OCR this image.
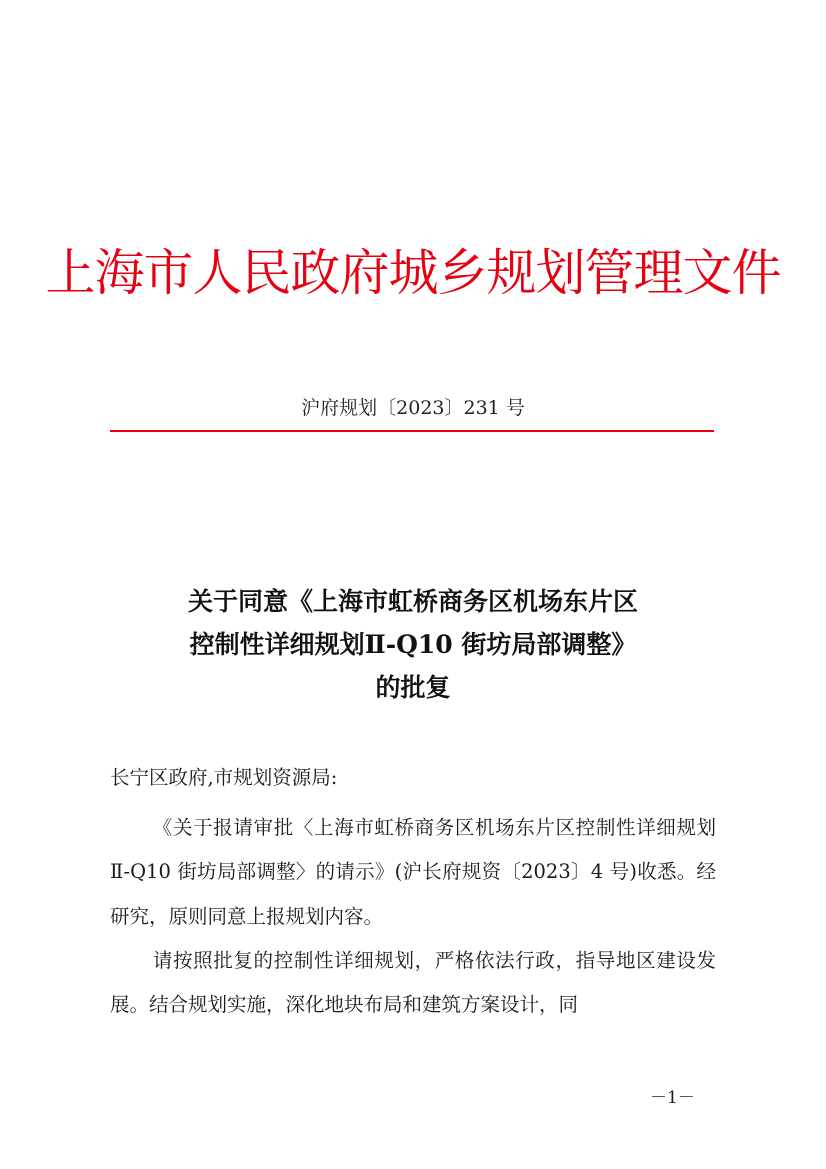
上海市人民政府城乡规划管理文件
沪府规划〔2023〕231 号
关于同意《上海市虹桥商务区机场东片区
控制性详细规划Ⅱ-Q10 街坊局部调整》
的批复
长宁区政府,市规划资源局:

《关于报请审批〈上海市虹桥商务区机场东片区控制性详细规划Ⅱ-Q10 街坊局部调整〉的请示》(沪长府规资〔2023〕4 号)收悉。经研究，原则同意上报规划内容。

请按照批复的控制性详细规划，严格依法行政，指导地区建设发展。结合规划实施，深化地块布局和建筑方案设计，同

－1－
